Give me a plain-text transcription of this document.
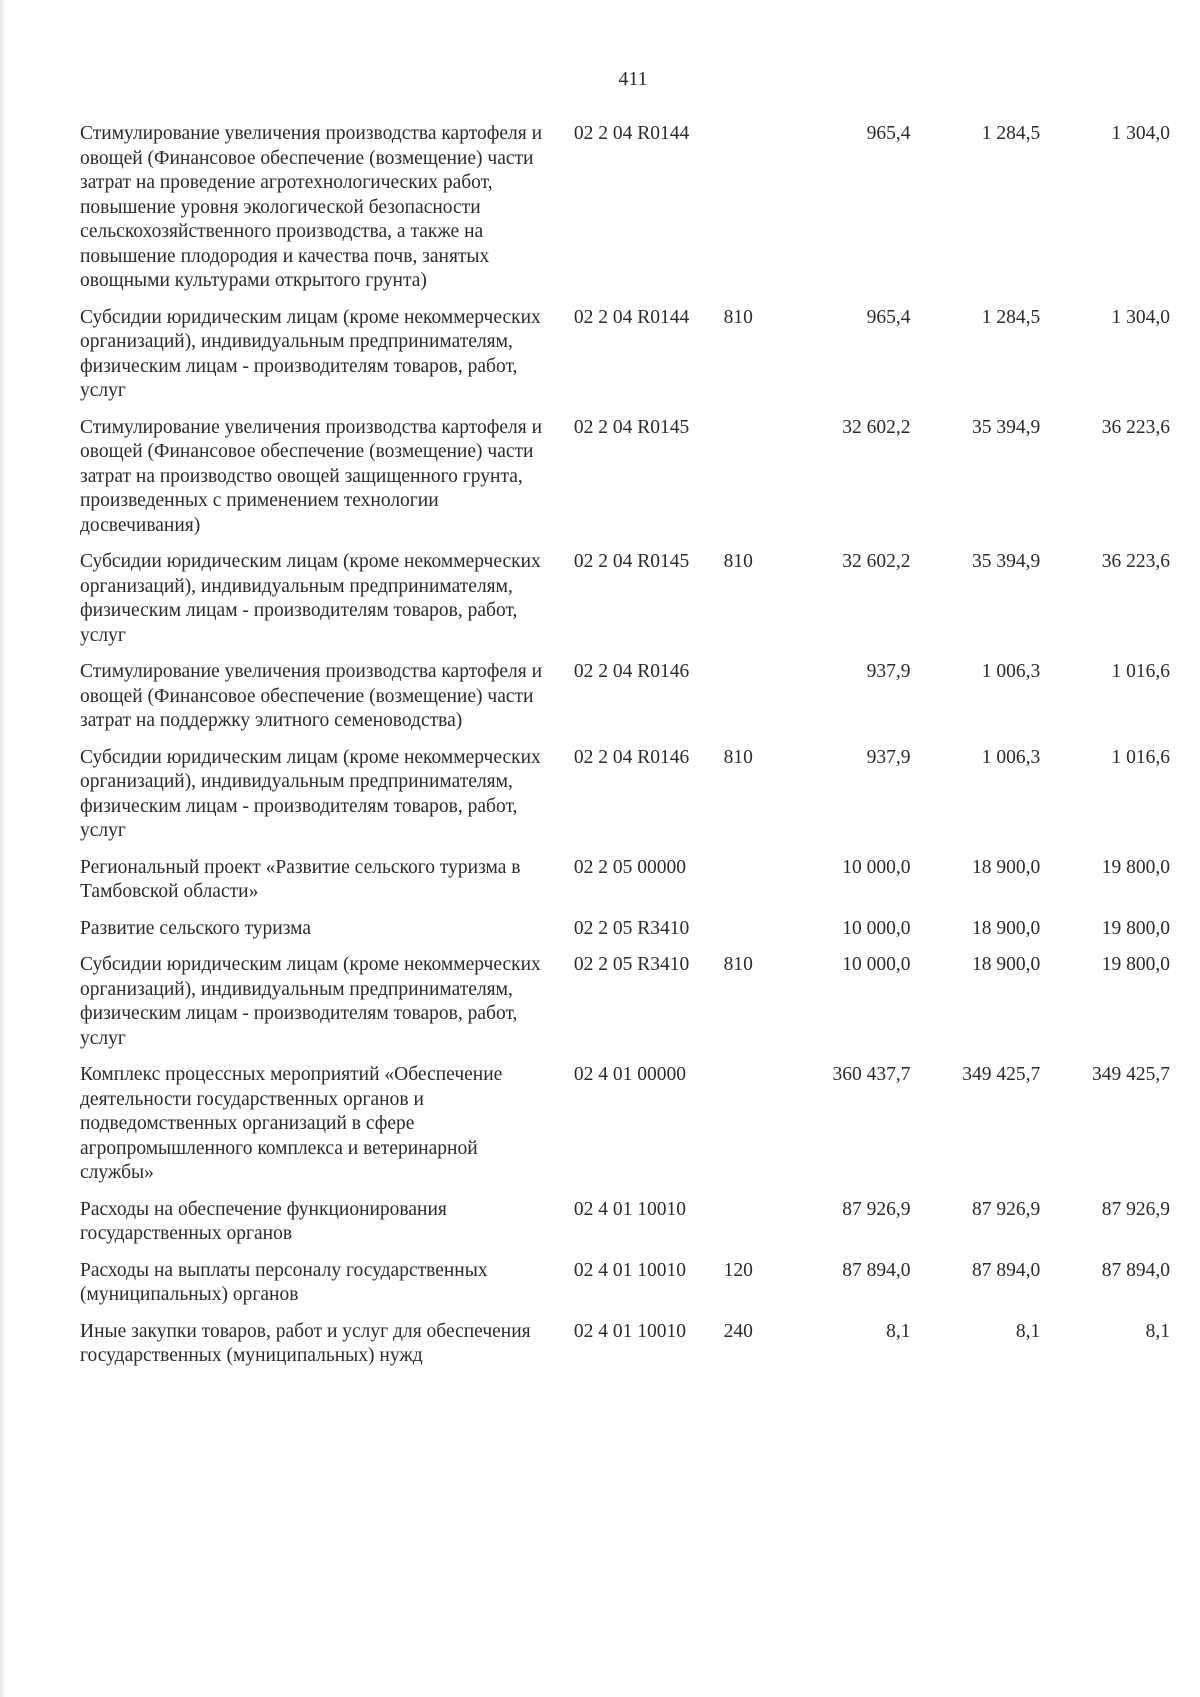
411
Стимулирование увеличения производства картофеля и овощей (Финансовое обеспечение (возмещение) части затрат на проведение агротехнологических работ, повышение уровня экологической безопасности сельскохозяйственного производства, а также на повышение плодородия и качества почв, занятых овощными культурами открытого грунта)	02 2 04 R0144		965,4	1 284,5	1 304,0
Субсидии юридическим лицам (кроме некоммерческих организаций), индивидуальным предпринимателям, физическим лицам - производителям товаров, работ, услуг	02 2 04 R0144	810	965,4	1 284,5	1 304,0
Стимулирование увеличения производства картофеля и овощей (Финансовое обеспечение (возмещение) части затрат на производство овощей защищенного грунта, произведенных с применением технологии досвечивания)	02 2 04 R0145		32 602,2	35 394,9	36 223,6
Субсидии юридическим лицам (кроме некоммерческих организаций), индивидуальным предпринимателям, физическим лицам - производителям товаров, работ, услуг	02 2 04 R0145	810	32 602,2	35 394,9	36 223,6
Стимулирование увеличения производства картофеля и овощей (Финансовое обеспечение (возмещение) части затрат на поддержку элитного семеноводства)	02 2 04 R0146		937,9	1 006,3	1 016,6
Субсидии юридическим лицам (кроме некоммерческих организаций), индивидуальным предпринимателям, физическим лицам - производителям товаров, работ, услуг	02 2 04 R0146	810	937,9	1 006,3	1 016,6
Региональный проект «Развитие сельского туризма в Тамбовской области»	02 2 05 00000		10 000,0	18 900,0	19 800,0
Развитие сельского туризма	02 2 05 R3410		10 000,0	18 900,0	19 800,0
Субсидии юридическим лицам (кроме некоммерческих организаций), индивидуальным предпринимателям, физическим лицам - производителям товаров, работ, услуг	02 2 05 R3410	810	10 000,0	18 900,0	19 800,0
Комплекс процессных мероприятий «Обеспечение деятельности государственных органов и подведомственных организаций в сфере агропромышленного комплекса и ветеринарной службы»	02 4 01 00000		360 437,7	349 425,7	349 425,7
Расходы на обеспечение функционирования государственных органов	02 4 01 10010		87 926,9	87 926,9	87 926,9
Расходы на выплаты персоналу государственных (муниципальных) органов	02 4 01 10010	120	87 894,0	87 894,0	87 894,0
Иные закупки товаров, работ и услуг для обеспечения государственных (муниципальных) нужд	02 4 01 10010	240	8,1	8,1	8,1
